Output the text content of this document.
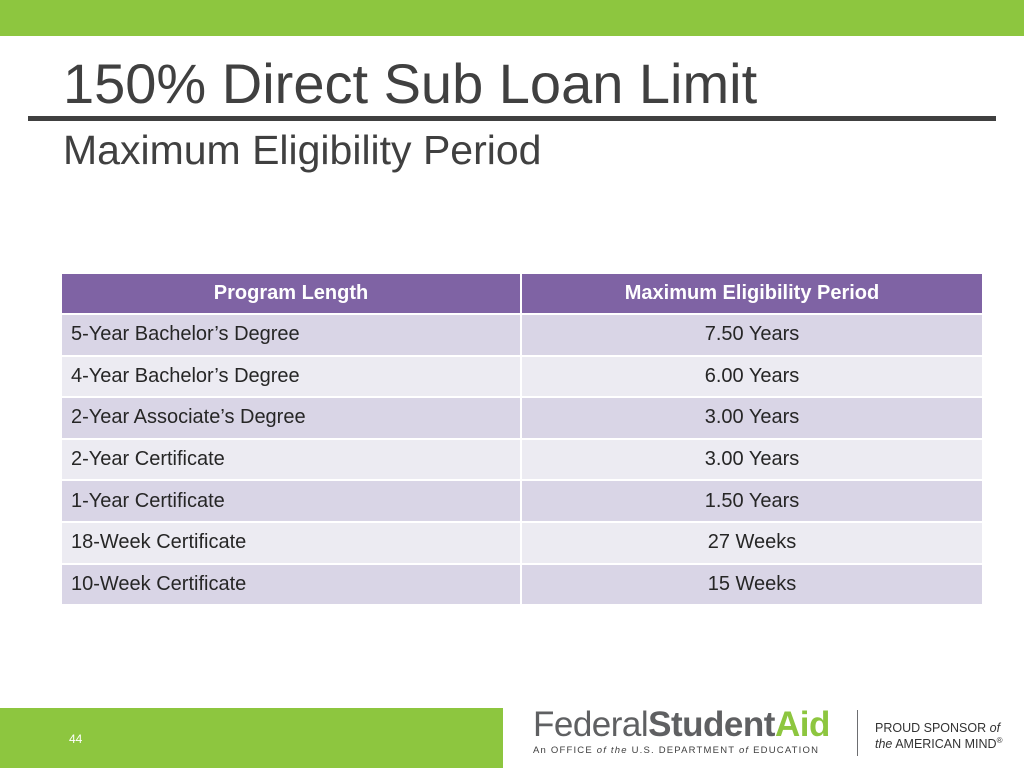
150% Direct Sub Loan Limit
Maximum Eligibility Period
Program Length	Maximum Eligibility Period
5-Year Bachelor’s Degree	7.50 Years
4-Year Bachelor’s Degree	6.00 Years
2-Year Associate’s Degree	3.00 Years
2-Year Certificate	3.00 Years
1-Year Certificate	1.50 Years
18-Week Certificate	27 Weeks
10-Week Certificate	15 Weeks
44	FederalStudentAid
An OFFICE of the U.S. DEPARTMENT of EDUCATION
PROUD SPONSOR of
the AMERICAN MIND®
